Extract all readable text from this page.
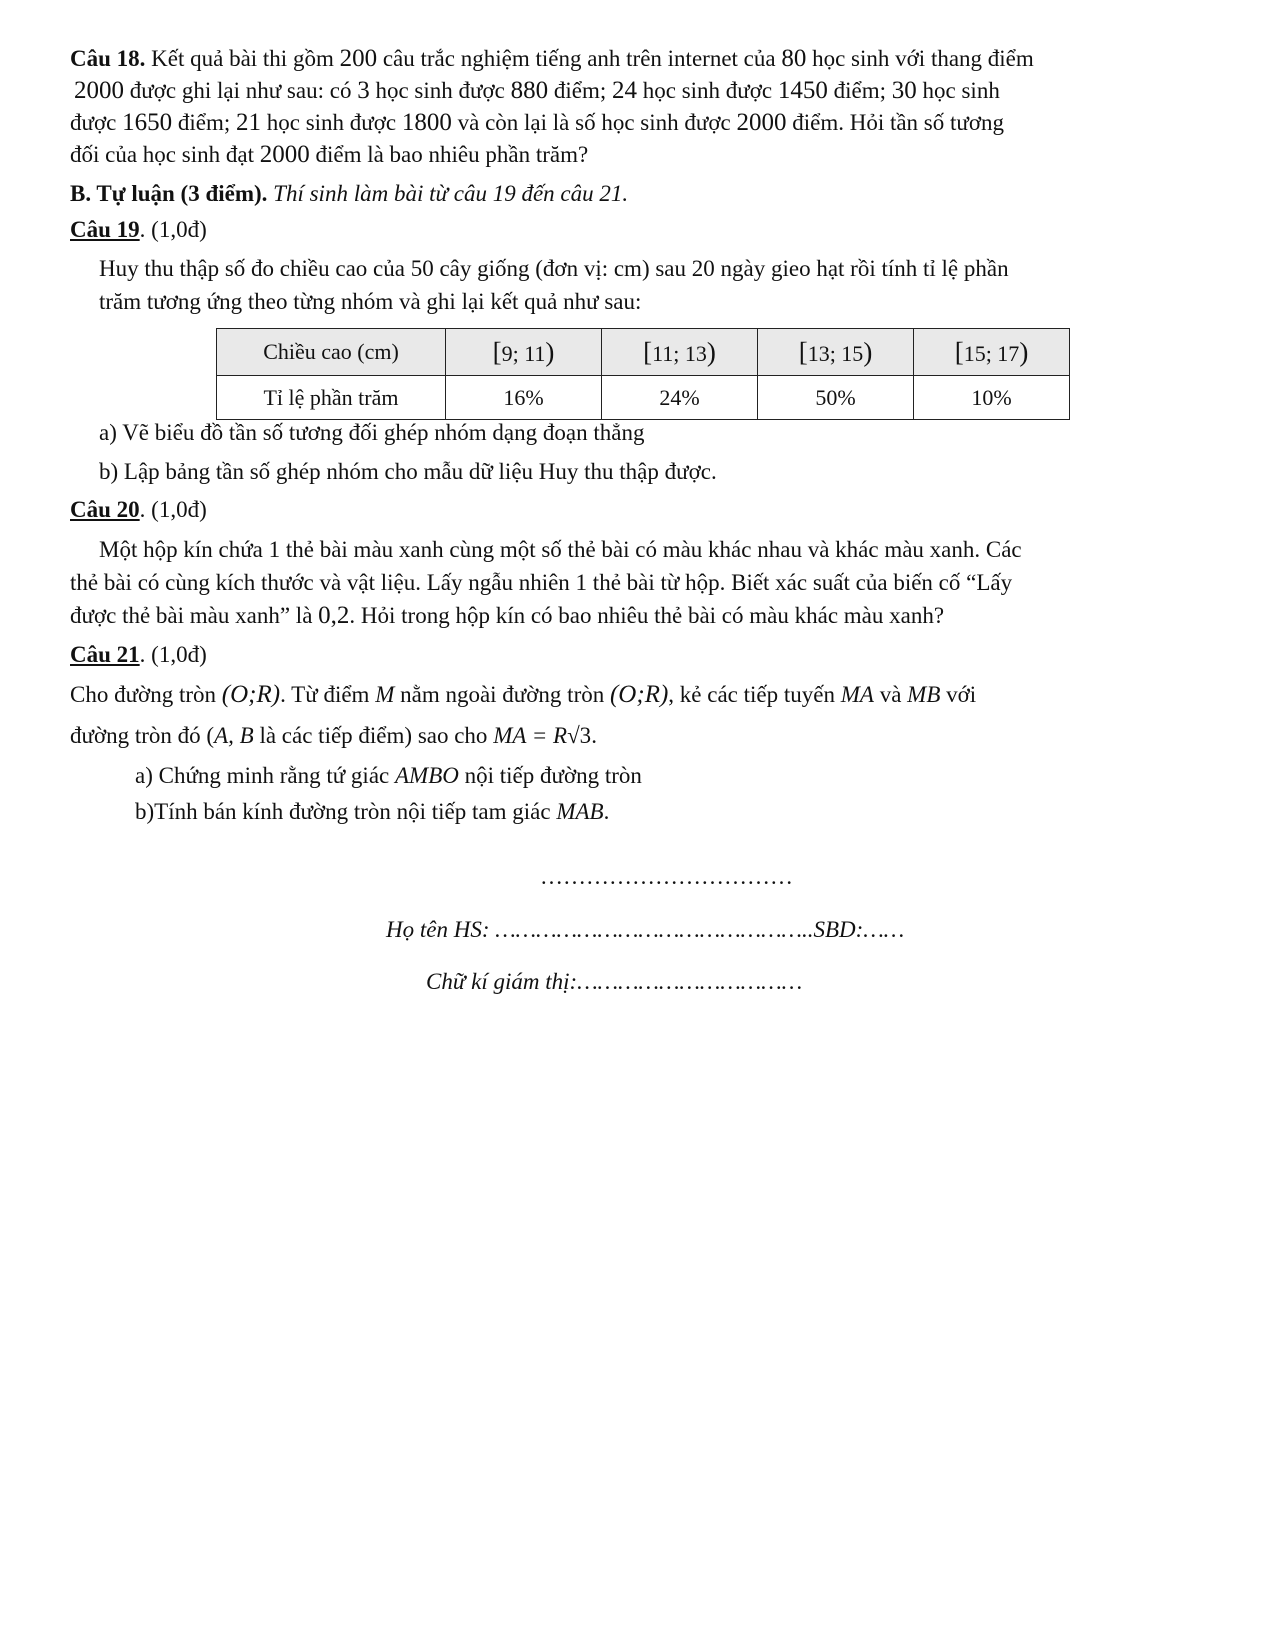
Câu 18. Kết quả bài thi gồm 200 câu trắc nghiệm tiếng anh trên internet của 80 học sinh với thang điểm
2000 được ghi lại như sau: có 3 học sinh được 880 điểm; 24 học sinh được 1450 điểm; 30 học sinh
được 1650 điểm; 21 học sinh được 1800 và còn lại là số học sinh được 2000 điểm. Hỏi tần số tương
đối của học sinh đạt 2000 điểm là bao nhiêu phần trăm?
B. Tự luận (3 điểm). Thí sinh làm bài từ câu 19 đến câu 21.
Câu 19. (1,0đ)
Huy thu thập số đo chiều cao của 50 cây giống (đơn vị: cm) sau 20 ngày gieo hạt rồi tính tỉ lệ phần
trăm tương ứng theo từng nhóm và ghi lại kết quả như sau:
Chiều cao (cm)	[9; 11)	[11; 13)	[13; 15)	[15; 17)
Tỉ lệ phần trăm	16%	24%	50%	10%
a) Vẽ biểu đồ tần số tương đối ghép nhóm dạng đoạn thẳng
b) Lập bảng tần số ghép nhóm cho mẫu dữ liệu Huy thu thập được.
Câu 20. (1,0đ)
Một hộp kín chứa 1 thẻ bài màu xanh cùng một số thẻ bài có màu khác nhau và khác màu xanh. Các
thẻ bài có cùng kích thước và vật liệu. Lấy ngẫu nhiên 1 thẻ bài từ hộp. Biết xác suất của biến cố “Lấy
được thẻ bài màu xanh” là 0,2. Hỏi trong hộp kín có bao nhiêu thẻ bài có màu khác màu xanh?
Câu 21. (1,0đ)
Cho đường tròn (O;R). Từ điểm M nằm ngoài đường tròn (O;R), kẻ các tiếp tuyến MA và MB với
đường tròn đó (A, B là các tiếp điểm) sao cho MA = R√3.
a) Chứng minh rằng tứ giác AMBO nội tiếp đường tròn
b)Tính bán kính đường tròn nội tiếp tam giác MAB.
……………………………
Họ tên HS: ………………………………………..SBD:……
Chữ kí giám thị:……………………………
